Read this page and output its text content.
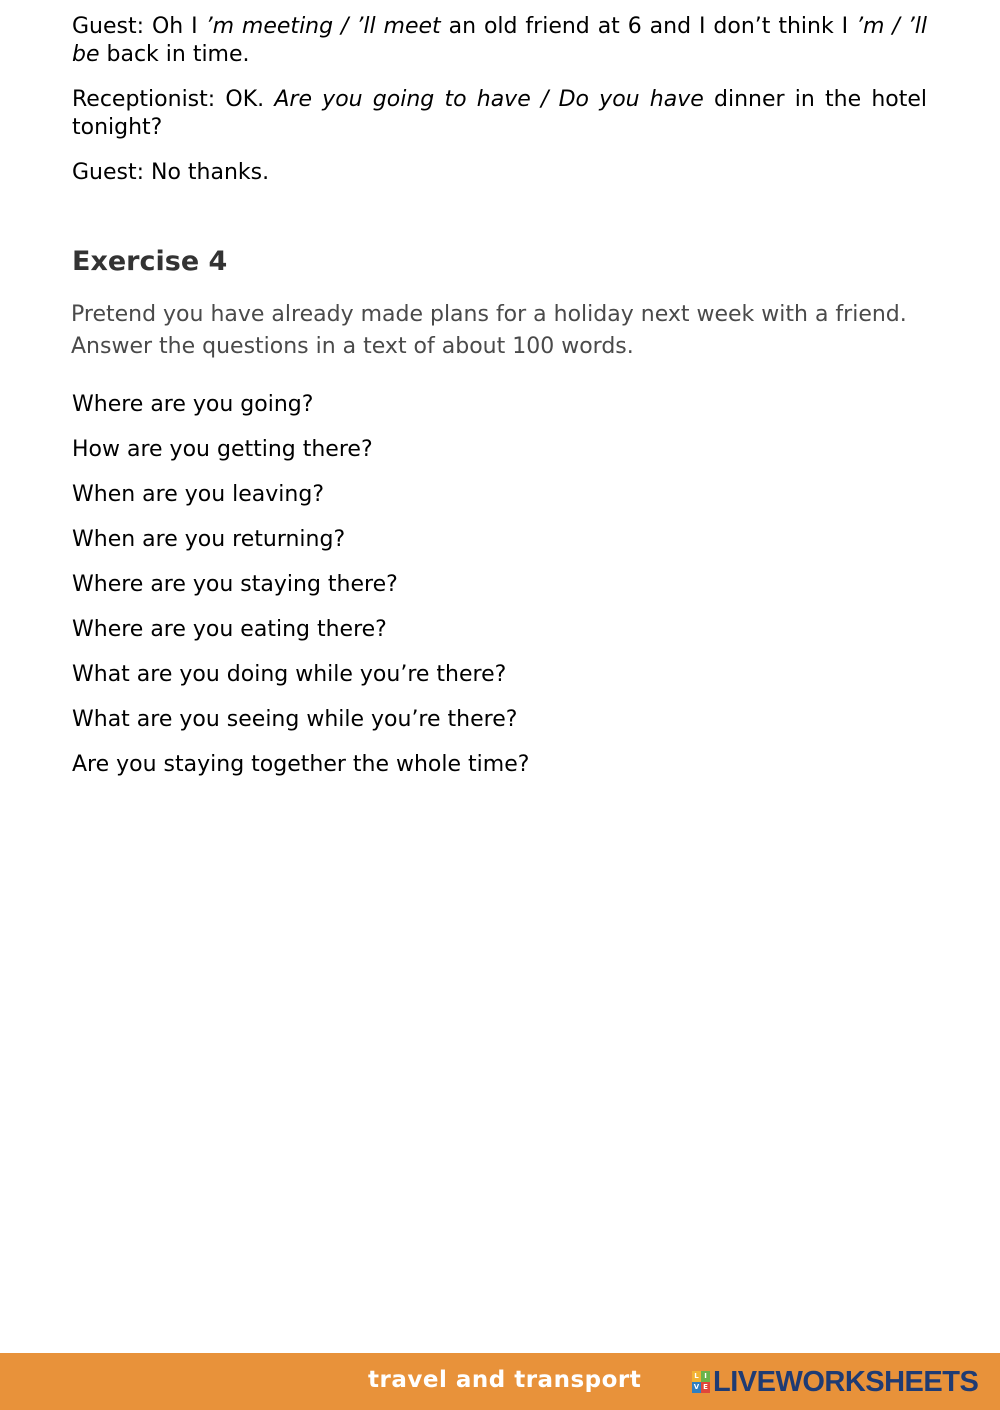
Guest: Oh I ’m meeting / ’ll meet an old friend at 6 and I don’t think I ’m / ’ll be back in time.

Receptionist: OK. Are you going to have / Do you have dinner in the hotel tonight?

Guest: No thanks.

Exercise 4

Pretend you have already made plans for a holiday next week with a friend. Answer the questions in a text of about 100 words.

Where are you going?
How are you getting there?
When are you leaving?
When are you returning?
Where are you staying there?
Where are you eating there?
What are you doing while you’re there?
What are you seeing while you’re there?
Are you staying together the whole time?
travel and transport	L I
V E LIVEWORKSHEETS
